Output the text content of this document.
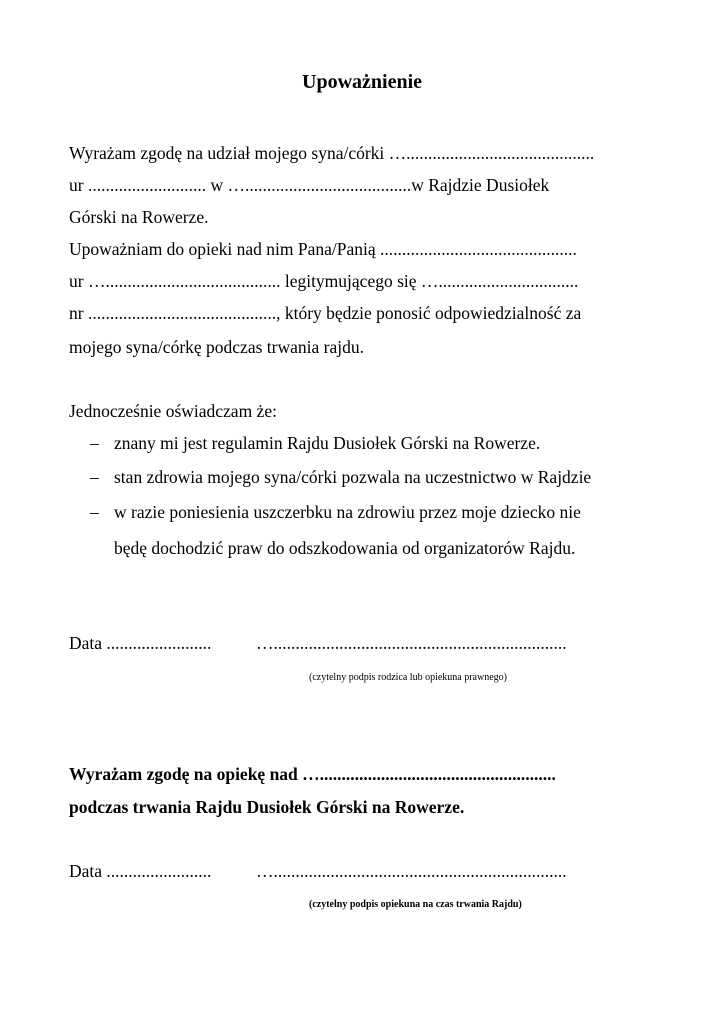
Upoważnienie
Wyrażam zgodę na udział mojego syna/córki …...........................................
ur ........................... w …......................................w Rajdzie Dusiołek
Górski na Rowerze.
Upoważniam do opieki nad nim Pana/Panią .............................................
ur …........................................ legitymującego się …................................
nr ..........................................., który będzie ponosić odpowiedzialność za
mojego syna/córkę podczas trwania rajdu.
Jednocześnie oświadczam że:
– znany mi jest regulamin Rajdu Dusiołek Górski na Rowerze.
– stan zdrowia mojego syna/córki pozwala na uczestnictwo w Rajdzie
– w razie poniesienia uszczerbku na zdrowiu przez moje dziecko nie
będę dochodzić praw do odszkodowania od organizatorów Rajdu.
Data ........................	…...................................................................
(czytelny podpis rodzica lub opiekuna prawnego)
Wyrażam zgodę na opiekę nad …......................................................
podczas trwania Rajdu Dusiołek Górski na Rowerze.
Data ........................	…...................................................................
(czytelny podpis opiekuna na czas trwania Rajdu)
